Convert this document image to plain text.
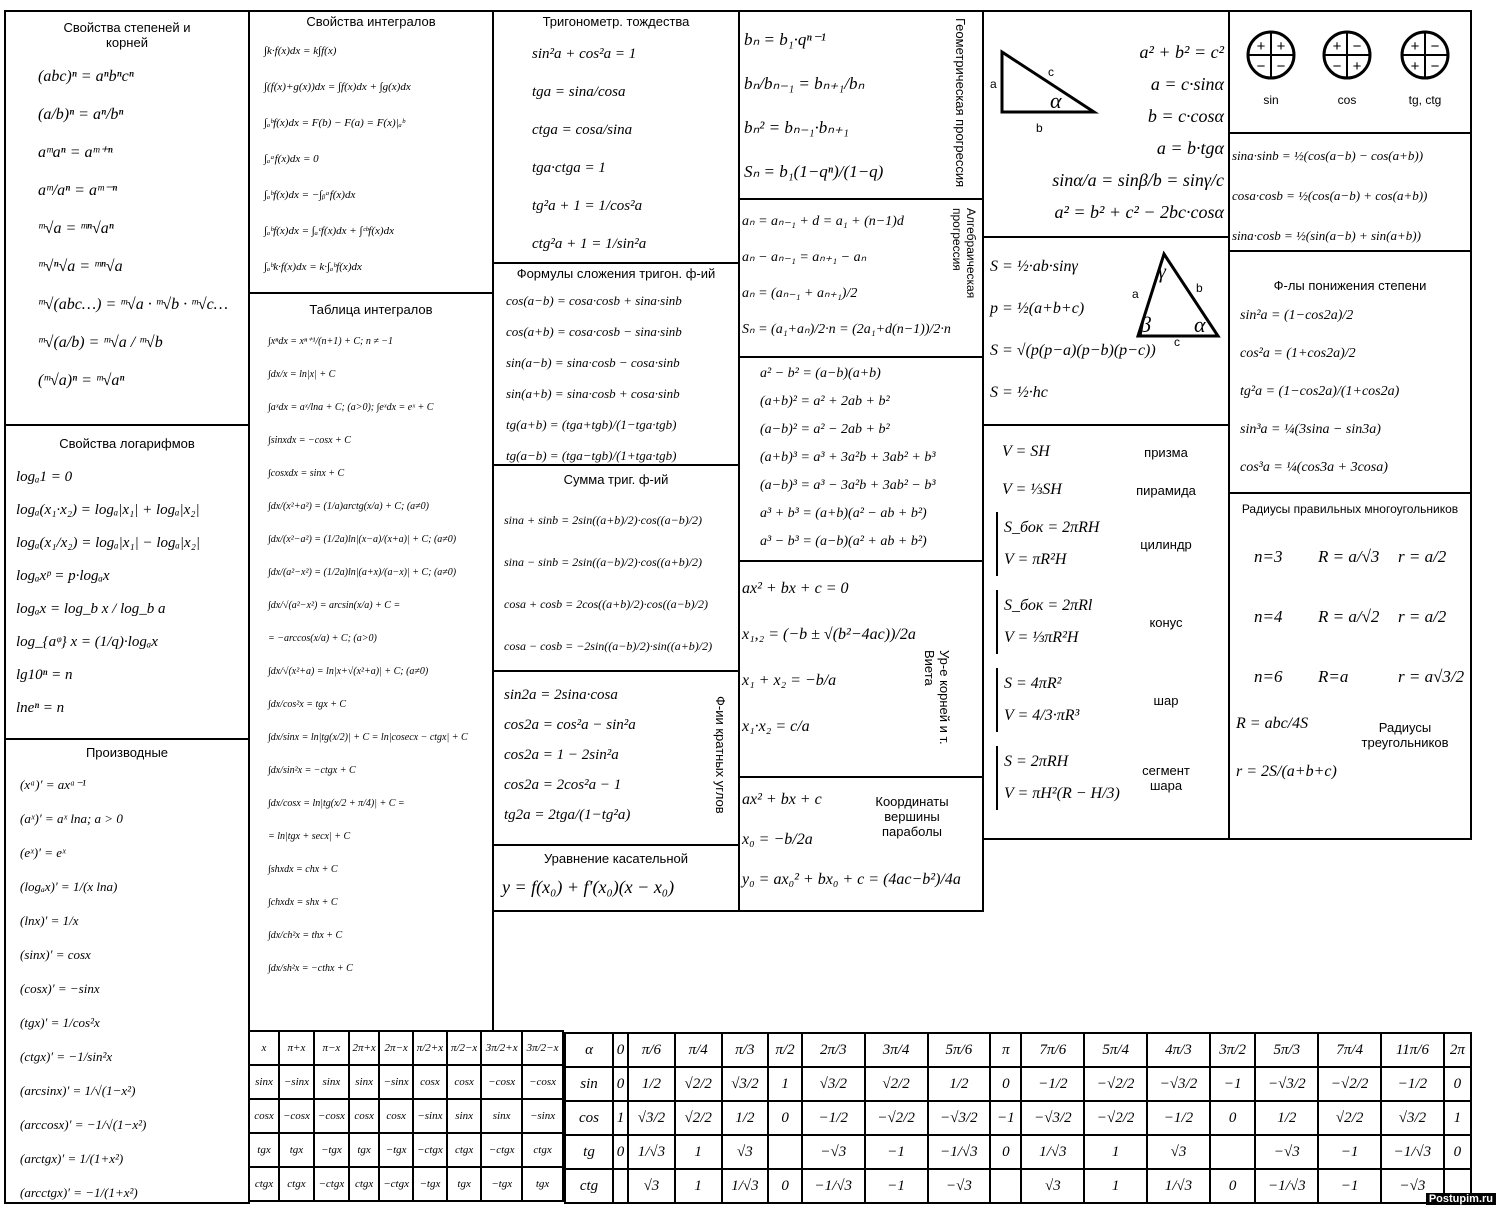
Свойства степеней и корней
(abc)ⁿ = aⁿbⁿcⁿ
(a/b)ⁿ = aⁿ/bⁿ
aᵐaⁿ = aᵐ⁺ⁿ
aᵐ/aⁿ = aᵐ⁻ⁿ
ᵐ√a = ᵐⁿ√aⁿ
ᵐ√ⁿ√a = ᵐⁿ√a
ᵐ√(abc…) = ᵐ√a · ᵐ√b · ᵐ√c…
ᵐ√(a/b) = ᵐ√a / ᵐ√b
(ᵐ√a)ⁿ = ᵐ√aⁿ
Свойства логарифмов
logₐ1 = 0
logₐ(x₁·x₂) = logₐ|x₁| + logₐ|x₂|
logₐ(x₁/x₂) = logₐ|x₁| − logₐ|x₂|
logₐxᵖ = p·logₐx
logₐx = log_b x / log_b a
log_{aᵠ} x = (1/q)·logₐx
lg10ⁿ = n
lneⁿ = n
Производные
(xᵃ)′ = axᵃ⁻¹
(aˣ)′ = aˣ lna; a > 0
(eˣ)′ = eˣ
(logₐx)′ = 1/(x lna)
(lnx)′ = 1/x
(sinx)′ = cosx
(cosx)′ = −sinx
(tgx)′ = 1/cos²x
(ctgx)′ = −1/sin²x
(arcsinx)′ = 1/√(1−x²)
(arccosx)′ = −1/√(1−x²)
(arctgx)′ = 1/(1+x²)
(arcctgx)′ = −1/(1+x²)
Свойства интегралов
∫k·f(x)dx = k∫f(x)
∫(f(x)+g(x))dx = ∫f(x)dx + ∫g(x)dx
∫ₐᵇf(x)dx = F(b) − F(a) = F(x)|ₐᵇ
∫ₐᵃf(x)dx = 0
∫ₐᵇf(x)dx = −∫ᵦᵃf(x)dx
∫ₐᵇf(x)dx = ∫ₐᶜf(x)dx + ∫ᶜᵇf(x)dx
∫ₐᵇk·f(x)dx = k·∫ₐᵇf(x)dx
Таблица интегралов
∫xⁿdx = xⁿ⁺¹/(n+1) + C; n ≠ −1
∫dx/x = ln|x| + C
∫aˣdx = aˣ/lna + C; (a>0); ∫eˣdx = eˣ + C
∫sinxdx = −cosx + C
∫cosxdx = sinx + C
∫dx/(x²+a²) = (1/a)arctg(x/a) + C; (a≠0)
∫dx/(x²−a²) = (1/2a)ln|(x−a)/(x+a)| + C; (a≠0)
∫dx/(a²−x²) = (1/2a)ln|(a+x)/(a−x)| + C; (a≠0)
∫dx/√(a²−x²) = arcsin(x/a) + C =
= −arccos(x/a) + C; (a>0)
∫dx/√(x²+a) = ln|x+√(x²+a)| + C; (a≠0)
∫dx/cos²x = tgx + C
∫dx/sinx = ln|tg(x/2)| + C = ln|cosecx − ctgx| + C
∫dx/sin²x = −ctgx + C
∫dx/cosx = ln|tg(x/2 + π/4)| + C =
= ln|tgx + secx| + C
∫shxdx = chx + C
∫chxdx = shx + C
∫dx/ch²x = thx + C
∫dx/sh²x = −cthx + C
Тригонометр. тождества
sin²a + cos²a = 1
tga = sina/cosa
ctga = cosa/sina
tga·ctga = 1
tg²a + 1 = 1/cos²a
ctg²a + 1 = 1/sin²a
Формулы сложения тригон. ф-ий
cos(a−b) = cosa·cosb + sina·sinb
cos(a+b) = cosa·cosb − sina·sinb
sin(a−b) = sina·cosb − cosa·sinb
sin(a+b) = sina·cosb + cosa·sinb
tg(a+b) = (tga+tgb)/(1−tga·tgb)
tg(a−b) = (tga−tgb)/(1+tga·tgb)
Сумма триг. ф-ий
sina + sinb = 2sin((a+b)/2)·cos((a−b)/2)
sina − sinb = 2sin((a−b)/2)·cos((a+b)/2)
cosa + cosb = 2cos((a+b)/2)·cos((a−b)/2)
cosa − cosb = −2sin((a−b)/2)·sin((a+b)/2)
sin2a = 2sina·cosa
cos2a = cos²a − sin²a
cos2a = 1 − 2sin²a
cos2a = 2cos²a − 1
tg2a = 2tga/(1−tg²a)
Ф-ии кратных углов
Уравнение касательной
y = f(x₀) + f′(x₀)(x − x₀)
bₙ = b₁·qⁿ⁻¹
bₙ/bₙ₋₁ = bₙ₊₁/bₙ
bₙ² = bₙ₋₁·bₙ₊₁
Sₙ = b₁(1−qⁿ)/(1−q)	Геометрическая прогрессия
aₙ = aₙ₋₁ + d = a₁ + (n−1)d
aₙ − aₙ₋₁ = aₙ₊₁ − aₙ
aₙ = (aₙ₋₁ + aₙ₊₁)/2
Sₙ = (a₁+aₙ)/2·n = (2a₁+d(n−1))/2·n
Алгебраическая прогрессия
a² − b² = (a−b)(a+b)
(a+b)² = a² + 2ab + b²
(a−b)² = a² − 2ab + b²
(a+b)³ = a³ + 3a²b + 3ab² + b³
(a−b)³ = a³ − 3a²b + 3ab² − b³
a³ + b³ = (a+b)(a² − ab + b²)
a³ − b³ = (a−b)(a² + ab + b²)
ax² + bx + c = 0
x₁,₂ = (−b ± √(b²−4ac))/2a
x₁ + x₂ = −b/a
x₁·x₂ = c/a	Ур-е корней и т. Виета
ax² + bx + c
x₀ = −b/2a
y₀ = ax₀² + bx₀ + c = (4ac−b²)/4a
Координаты вершины параболы
a
b
c
α
a² + b² = c²
a = c·sinα
b = c·cosα
a = b·tgα
sinα/a = sinβ/b = sinγ/c
a² = b² + c² − 2bc·cosα
a	b
c
β
γ
α
S = ½·ab·sinγ
p = ½(a+b+c)
S = √(p(p−a)(p−b)(p−c))
S = ½·hc
V = SH	призма
V = ⅓SH	пирамида
S_бок = 2πRH
V = πR²H
цилиндр
S_бок = 2πRl
V = ⅓πR²H
конус
S = 4πR²
V = 4/3·πR³
шар
S = 2πRH
V = πH²(R − H/3)
сегмент шара
+
+
− −
sin
−
+
− +
cos
−
+
+ −
tg, ctg
sina·sinb = ½(cos(a−b) − cos(a+b))
cosa·cosb = ½(cos(a−b) + cos(a+b))
sina·cosb = ½(sin(a−b) + sin(a+b))
Ф-лы понижения степени
sin²a = (1−cos2a)/2
cos²a = (1+cos2a)/2
tg²a = (1−cos2a)/(1+cos2a)
sin³a = ¼(3sina − sin3a)
cos³a = ¼(cos3a + 3cosa)
Радиусы правильных многоугольников
n=3	R = a/√3	r = a/2
n=4	R = a/√2	r = a/2
n=6	R=a	r = a√3/2
Радиусы треугольников
R = abc/4S
r = 2S/(a+b+c)
x	π+x	π−x	2π+x	2π−x	π/2+x	π/2−x	3π/2+x	3π/2−x
sinx	−sinx	sinx	sinx	−sinx	cosx	cosx	−cosx	−cosx
cosx	−cosx	−cosx	cosx	cosx	−sinx	sinx	sinx	−sinx
tgx	tgx	−tgx	tgx	−tgx	−ctgx	ctgx	−ctgx	ctgx
ctgx	ctgx	−ctgx	ctgx	−ctgx	−tgx	tgx	−tgx	tgx
α	0	π/6	π/4	π/3	π/2	2π/3	3π/4	5π/6	π	7π/6	5π/4	4π/3	3π/2	5π/3	7π/4	11π/6	2π
sin	0	1/2	√2/2	√3/2	1	√3/2	√2/2	1/2	0	−1/2	−√2/2	−√3/2	−1	−√3/2	−√2/2	−1/2	0
cos	1	√3/2	√2/2	1/2	0	−1/2	−√2/2	−√3/2	−1	−√3/2	−√2/2	−1/2	0	1/2	√2/2	√3/2	1
tg	0	1/√3	1	√3		−√3	−1	−1/√3	0	1/√3	1	√3		−√3	−1	−1/√3	0
ctg		√3	1	1/√3	0	−1/√3	−1	−√3		√3	1	1/√3	0	−1/√3	−1	−√3	
Postupim.ru
